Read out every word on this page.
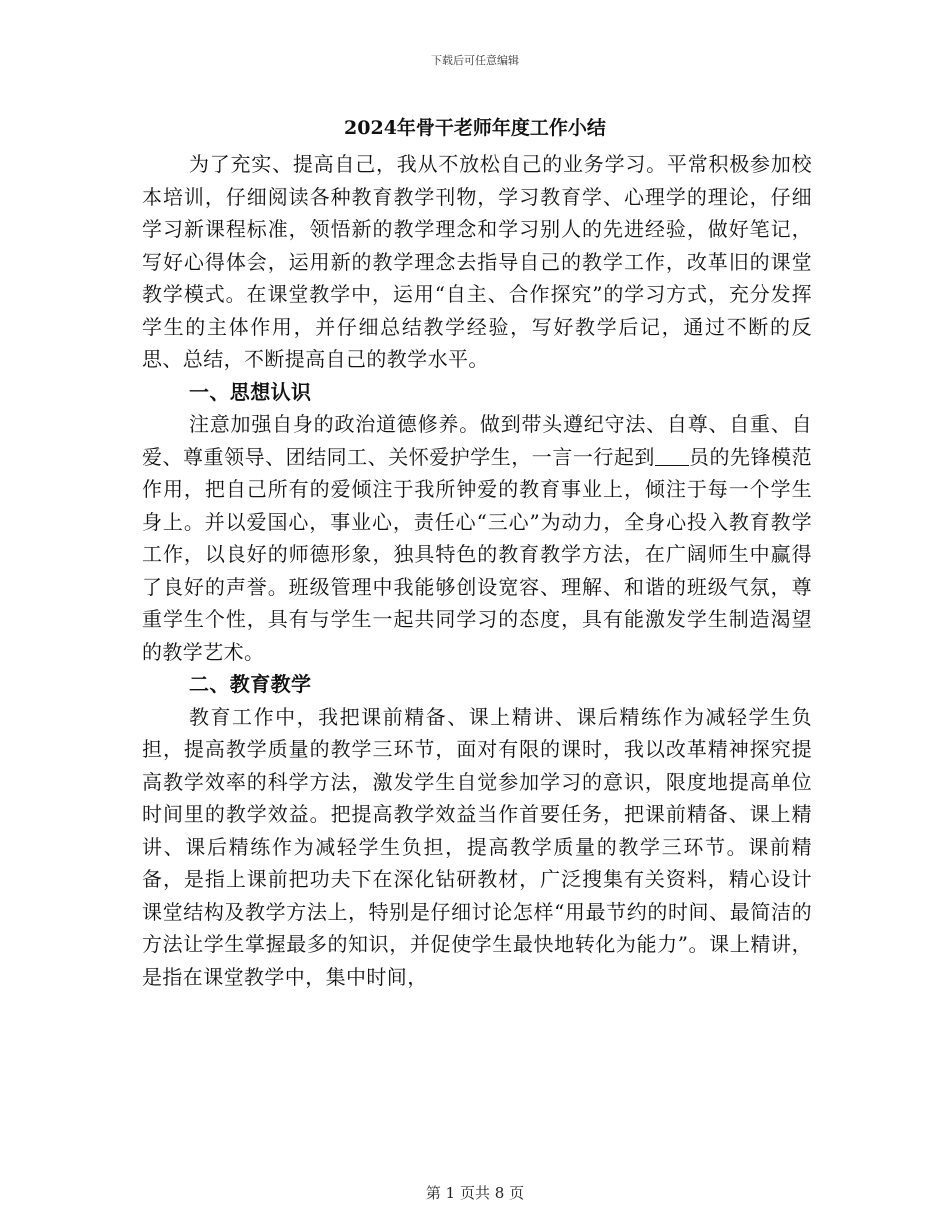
下载后可任意编辑
2024年骨干老师年度工作小结

为了充实、提高自己，我从不放松自己的业务学习。平常积极参加校本培训，仔细阅读各种教育教学刊物，学习教育学、心理学的理论，仔细学习新课程标准，领悟新的教学理念和学习别人的先进经验，做好笔记，写好心得体会，运用新的教学理念去指导自己的教学工作，改革旧的课堂教学模式。在课堂教学中，运用“自主、合作探究”的学习方式，充分发挥学生的主体作用，并仔细总结教学经验，写好教学后记，通过不断的反思、总结，不断提高自己的教学水平。

一、思想认识

注意加强自身的政治道德修养。做到带头遵纪守法、自尊、自重、自爱、尊重领导、团结同工、关怀爱护学生，一言一行起到 员的先锋模范作用，把自己所有的爱倾注于我所钟爱的教育事业上，倾注于每一个学生身上。并以爱国心，事业心，责任心“三心”为动力，全身心投入教育教学工作，以良好的师德形象，独具特色的教育教学方法，在广阔师生中赢得了良好的声誉。班级管理中我能够创设宽容、理解、和谐的班级气氛，尊重学生个性，具有与学生一起共同学习的态度，具有能激发学生制造渴望的教学艺术。

二、教育教学

教育工作中，我把课前精备、课上精讲、课后精练作为减轻学生负担，提高教学质量的教学三环节，面对有限的课时，我以改革精神探究提高教学效率的科学方法，激发学生自觉参加学习的意识，限度地提高单位时间里的教学效益。把提高教学效益当作首要任务，把课前精备、课上精讲、课后精练作为减轻学生负担，提高教学质量的教学三环节。课前精备，是指上课前把功夫下在深化钻研教材，广泛搜集有关资料，精心设计课堂结构及教学方法上，特别是仔细讨论怎样“用最节约的时间、最简洁的方法让学生掌握最多的知识，并促使学生最快地转化为能力”。课上精讲，是指在课堂教学中，集中时间，

第 1 页共 8 页
